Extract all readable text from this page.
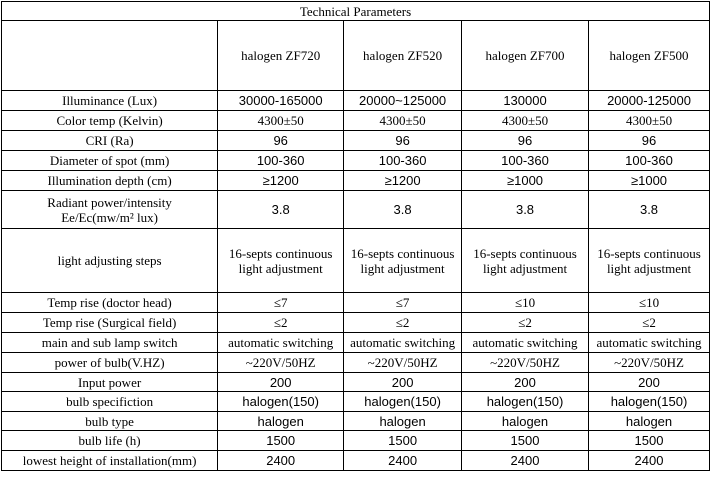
Technical Parameters				
	halogen ZF720	halogen ZF520	halogen ZF700	halogen ZF500
Illuminance (Lux)	30000-165000	20000~125000	130000	20000-125000
Color temp (Kelvin)	4300±50	4300±50	4300±50	4300±50
CRI (Ra)	96	96	96	96
Diameter of spot (mm)	100-360	100-360	100-360	100-360
Illumination depth (cm)	≥1200	≥1200	≥1000	≥1000
Radiant power/intensity
Ee/Ec(mw/m² lux)	3.8	3.8	3.8	3.8
light adjusting steps	16-septs continuous light adjustment	16-septs continuous light adjustment	16-septs continuous light adjustment	16-septs continuous light adjustment
Temp rise (doctor head)	≤7	≤7	≤10	≤10
Temp rise (Surgical field)	≤2	≤2	≤2	≤2
main and sub lamp switch	automatic switching	automatic switching	automatic switching	automatic switching
power of bulb(V.HZ)	~220V/50HZ	~220V/50HZ	~220V/50HZ	~220V/50HZ
Input power	200	200	200	200
bulb specifiction	halogen(150)	halogen(150)	halogen(150)	halogen(150)
bulb type	halogen	halogen	halogen	halogen
bulb life (h)	1500	1500	1500	1500
lowest height of installation(mm)	2400	2400	2400	2400
